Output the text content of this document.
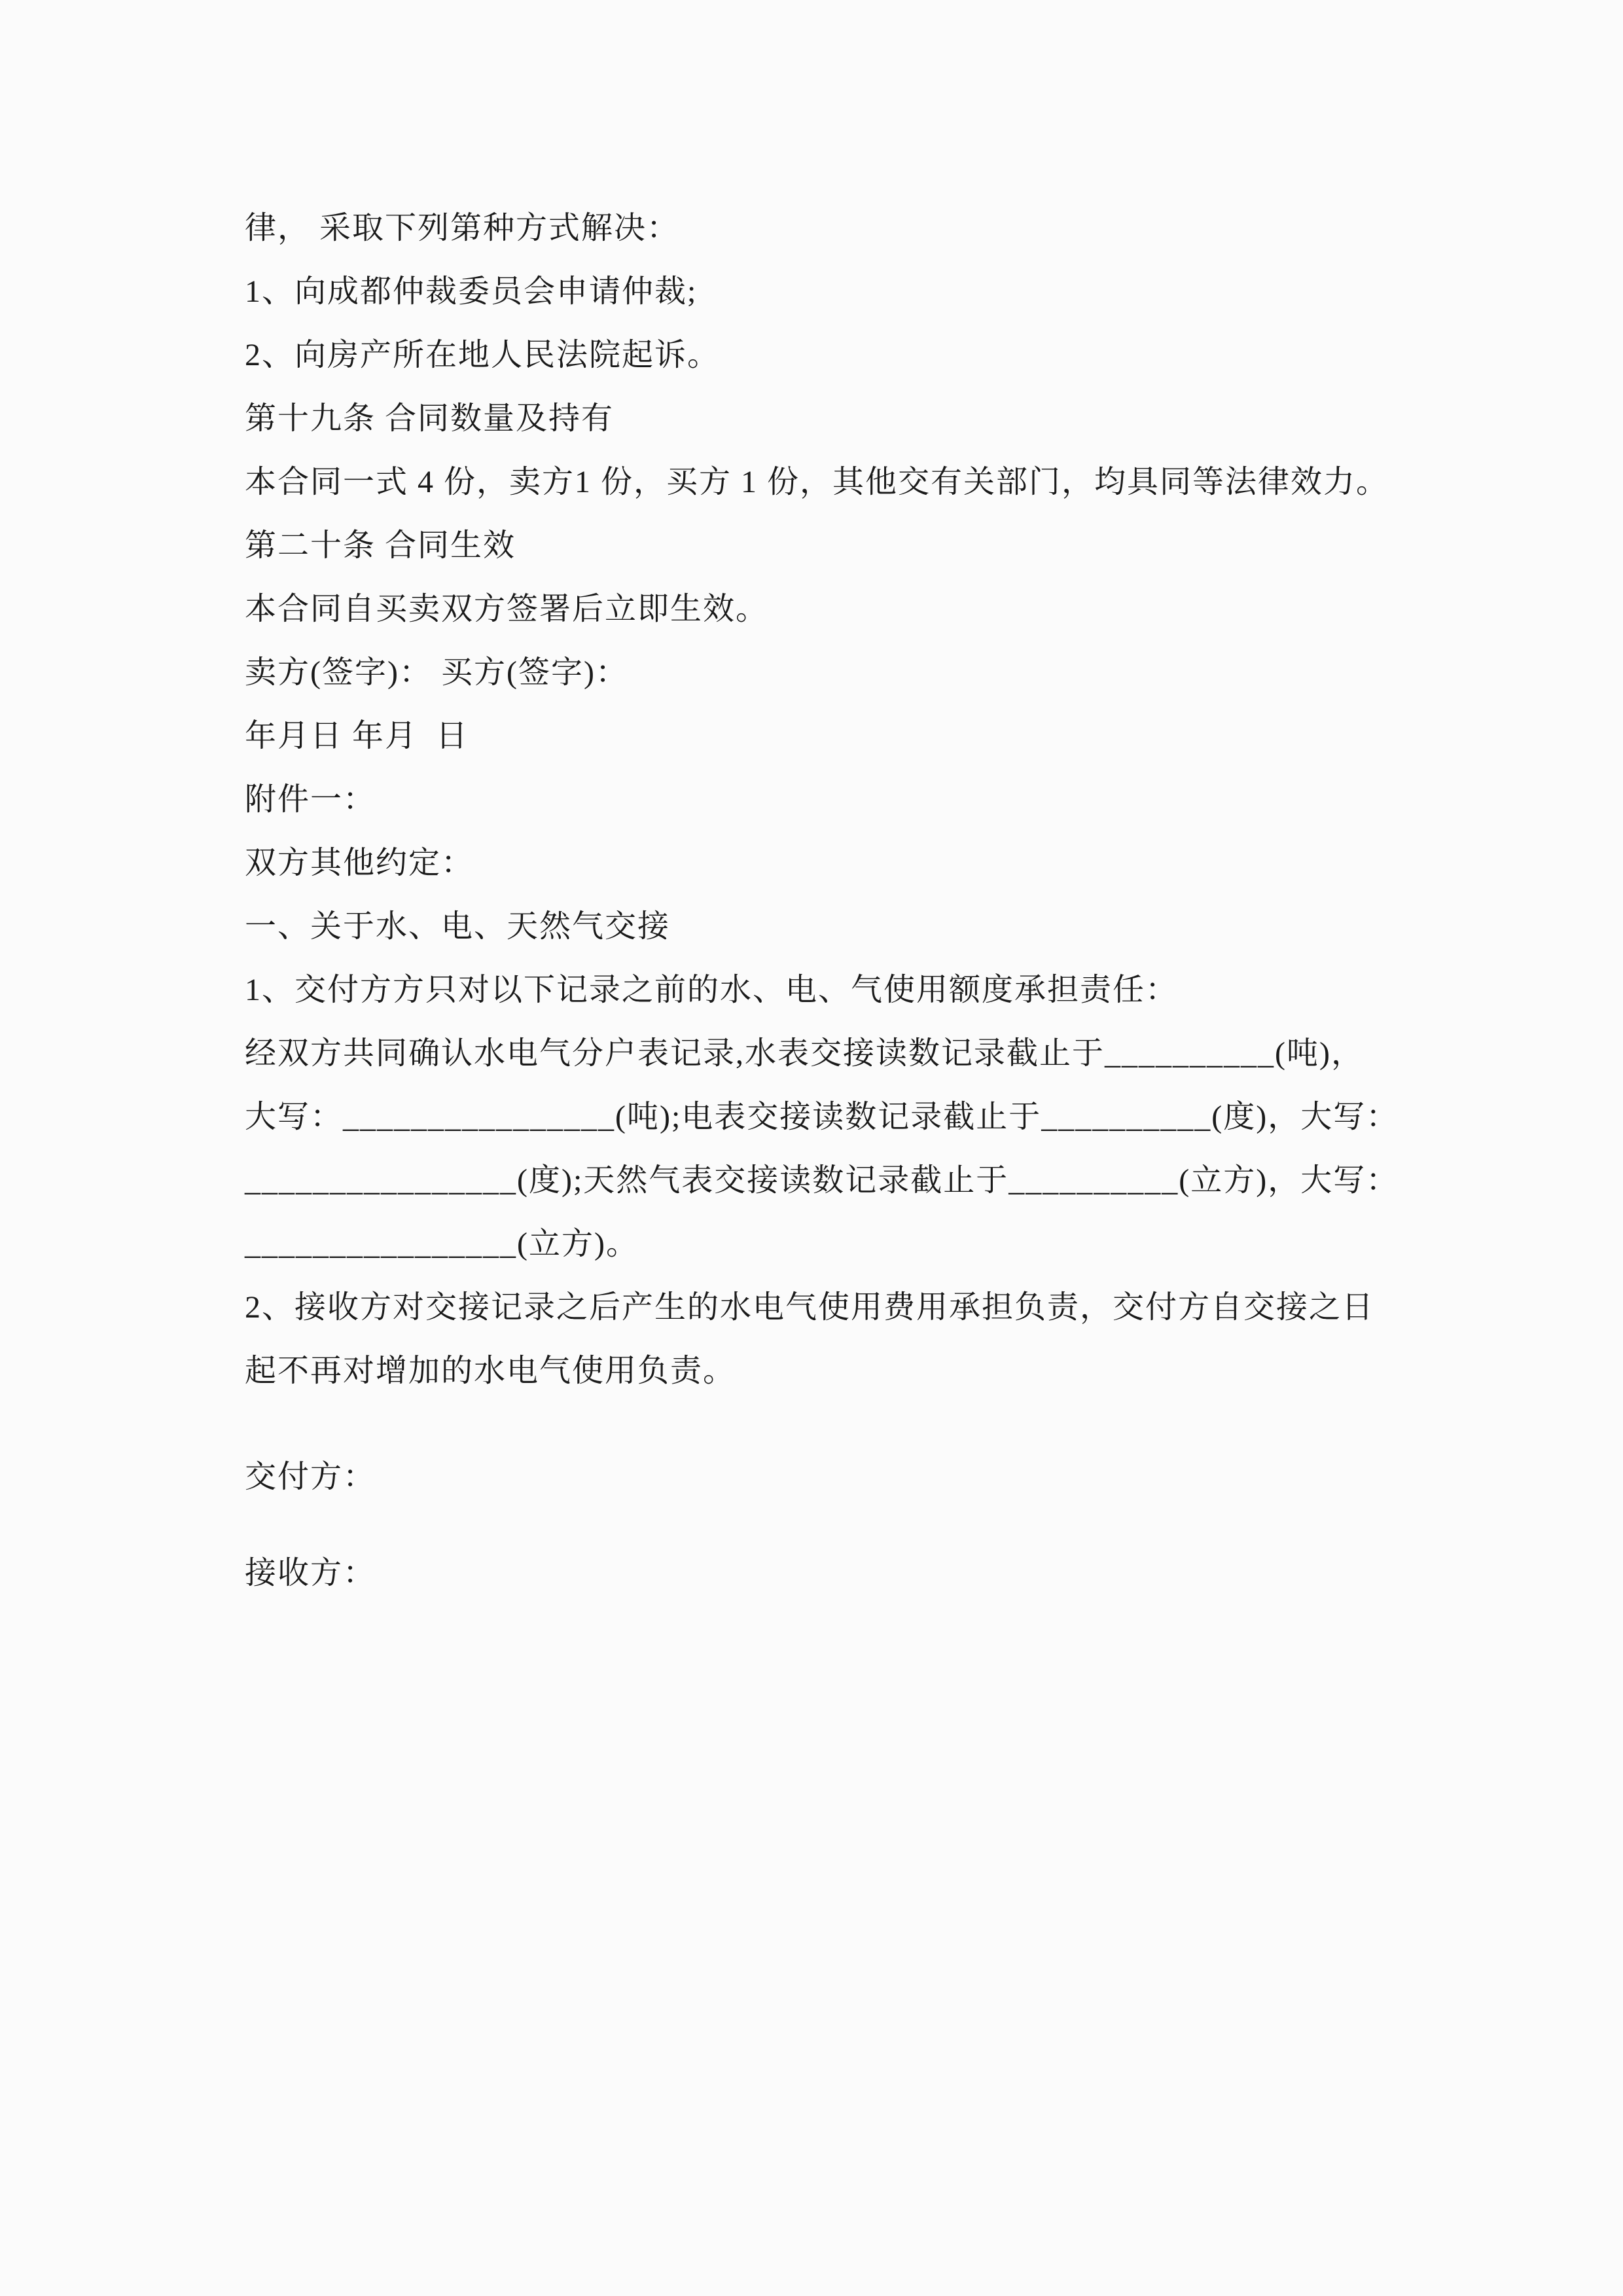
律， 采取下列第种方式解决：

1、向成都仲裁委员会申请仲裁;

2、向房产所在地人民法院起诉。

第十九条 合同数量及持有

本合同一式 4 份，卖方1 份，买方 1 份，其他交有关部门，均具同等法律效力。

第二十条 合同生效

本合同自买卖双方签署后立即生效。

卖方(签字)： 买方(签字)：

年月日 年月  日

附件一：

双方其他约定：

一、关于水、电、天然气交接

1、交付方方只对以下记录之前的水、电、气使用额度承担责任：

经双方共同确认水电气分户表记录,水表交接读数记录截止于__________(吨)，

大写：________________(吨);电表交接读数记录截止于__________(度)，大写：

________________(度);天然气表交接读数记录截止于__________(立方)，大写：

________________(立方)。

2、接收方对交接记录之后产生的水电气使用费用承担负责，交付方自交接之日

起不再对增加的水电气使用负责。

交付方：

接收方：
